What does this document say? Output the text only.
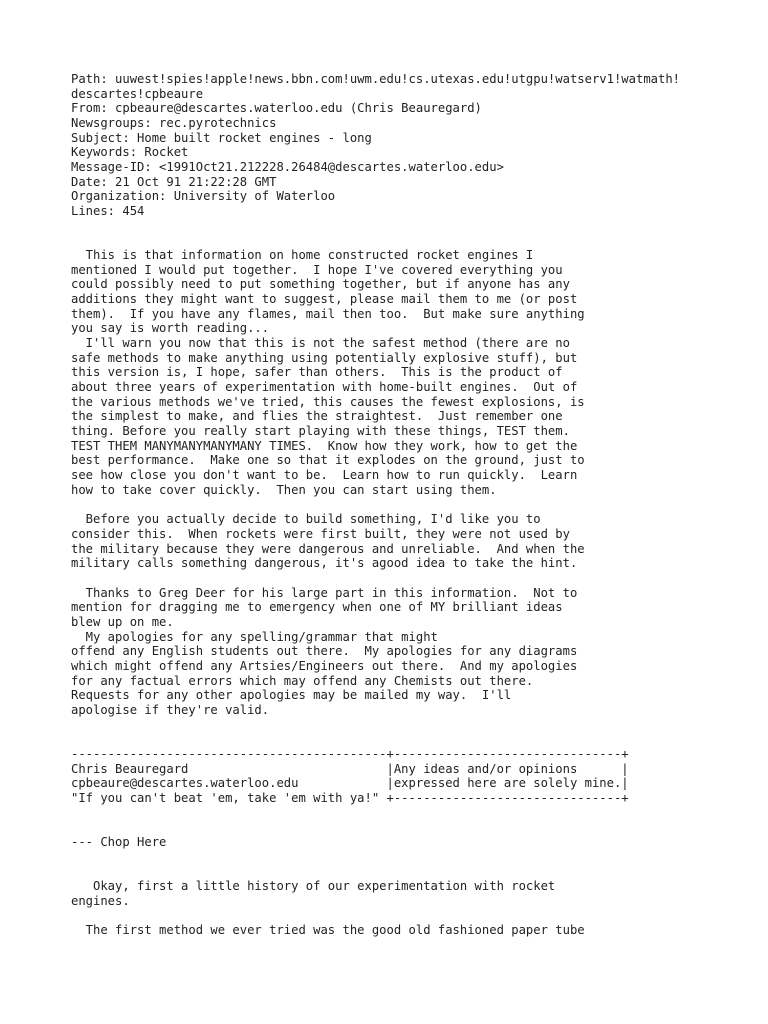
Path: uuwest!spies!apple!news.bbn.com!uwm.edu!cs.utexas.edu!utgpu!watserv1!watmath!
descartes!cpbeaure
From: cpbeaure@descartes.waterloo.edu (Chris Beauregard)
Newsgroups: rec.pyrotechnics
Subject: Home built rocket engines - long
Keywords: Rocket
Message-ID: <1991Oct21.212228.26484@descartes.waterloo.edu>
Date: 21 Oct 91 21:22:28 GMT
Organization: University of Waterloo
Lines: 454
This is that information on home constructed rocket engines I
mentioned I would put together.  I hope I've covered everything you
could possibly need to put something together, but if anyone has any
additions they might want to suggest, please mail them to me (or post
them).  If you have any flames, mail then too.  But make sure anything
you say is worth reading...
I'll warn you now that this is not the safest method (there are no
safe methods to make anything using potentially explosive stuff), but
this version is, I hope, safer than others.  This is the product of
about three years of experimentation with home-built engines.  Out of
the various methods we've tried, this causes the fewest explosions, is
the simplest to make, and flies the straightest.  Just remember one
thing. Before you really start playing with these things, TEST them.
TEST THEM MANYMANYMANYMANY TIMES.  Know how they work, how to get the
best performance.  Make one so that it explodes on the ground, just to
see how close you don't want to be.  Learn how to run quickly.  Learn
how to take cover quickly.  Then you can start using them.
Before you actually decide to build something, I'd like you to
consider this.  When rockets were first built, they were not used by
the military because they were dangerous and unreliable.  And when the
military calls something dangerous, it's agood idea to take the hint.
Thanks to Greg Deer for his large part in this information.  Not to
mention for dragging me to emergency when one of MY brilliant ideas
blew up on me.
My apologies for any spelling/grammar that might
offend any English students out there.  My apologies for any diagrams
which might offend any Artsies/Engineers out there.  And my apologies
for any factual errors which may offend any Chemists out there.
Requests for any other apologies may be mailed my way.  I'll
apologise if they're valid.
-------------------------------------------+-------------------------------+
Chris Beauregard                           |Any ideas and/or opinions      |
cpbeaure@descartes.waterloo.edu            |expressed here are solely mine.|
"If you can't beat 'em, take 'em with ya!" +-------------------------------+
--- Chop Here
Okay, first a little history of our experimentation with rocket
engines.
The first method we ever tried was the good old fashioned paper tube
